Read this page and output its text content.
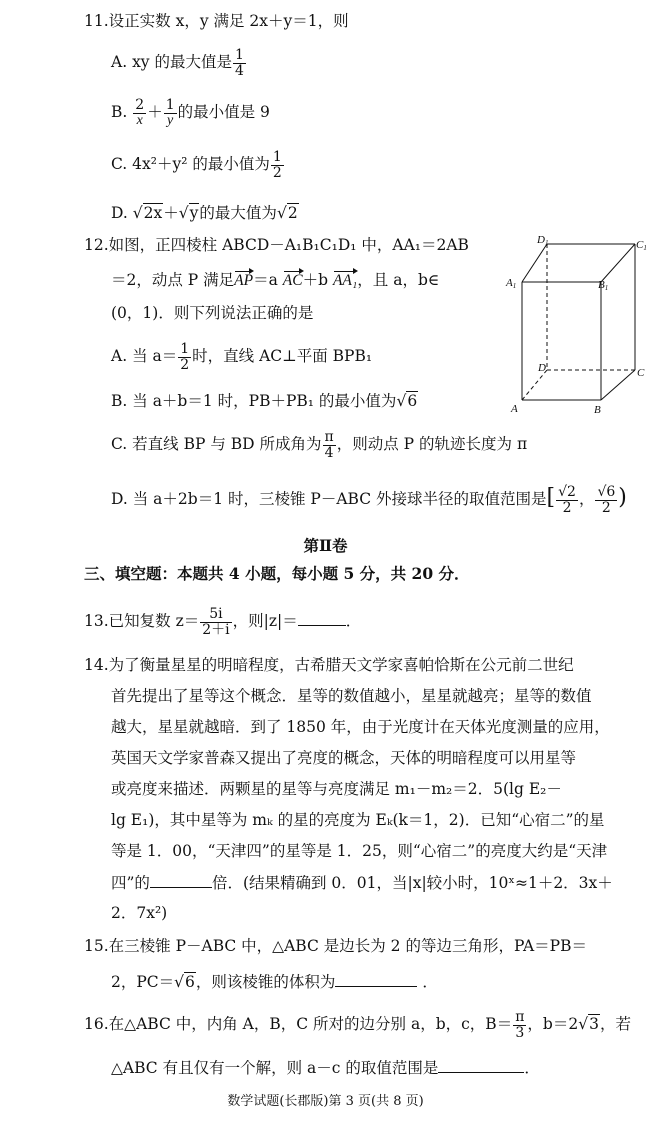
11.设正实数 x，y 满足 2x＋y＝1，则
A. xy 的最大值是 $\frac{1}{4}$
B. $\frac{2}{x} + \frac{1}{y}$ 的最小值是 9
C. 4x²＋y² 的最小值为 $\frac{1}{2}$
D. √2x＋√y的最大值为√2
12.如图，正四棱柱 ABCD－A₁B₁C₁D₁ 中，AA₁＝2AB
＝2，动点 P 满足AP＝a AC＋b AA₁，且 a，b∈
(0，1)．则下列说法正确的是
D1	C1
A1	B1
D	C
A	B
A. 当 $a= \frac{1}{2}$ 时，直线 AC⊥平面 BPB₁
B. 当 a＋b＝1 时，PB＋PB₁ 的最小值为√6
C. 若直线 BP 与 BD 所成角为 $\frac{\pi}{4}$ ，则动点 P 的轨迹长度为 π
D. 当 a＋2b＝1 时，三棱锥 P－ABC 外接球半径的取值范围是[ $\frac{√2}{2}$ ， $\frac{√6}{2}$ )
第Ⅱ卷
三、填空题：本题共 4 小题，每小题 5 分，共 20 分．
13.已知复数 $z= \frac{5i}{2+i}$ ，则|z|＝	．
14.为了衡量星星的明暗程度，古希腊天文学家喜帕恰斯在公元前二世纪
首先提出了星等这个概念．星等的数值越小，星星就越亮；星等的数值
越大，星星就越暗．到了 1850 年，由于光度计在天体光度测量的应用，
英国天文学家普森又提出了亮度的概念，天体的明暗程度可以用星等
或亮度来描述．两颗星的星等与亮度满足 m₁－m₂＝2．5(lg E₂－
lg E₁)，其中星等为 mₖ 的星的亮度为 Eₖ(k＝1，2)．已知“心宿二”的星
等是 1．00，“天津四”的星等是 1．25，则“心宿二”的亮度大约是“天津
四”的	倍．(结果精确到 0．01，当|x|较小时，10ˣ≈1＋2．3x＋
2．7x²)
15.在三棱锥 P－ABC 中，△ABC 是边长为 2 的等边三角形，PA＝PB＝
2，PC＝√6，则该棱锥的体积为	．
16.在△ABC 中，内角 A，B，C 所对的边分别 a，b，c，$B= \frac{\pi}{3}$ ，b＝2√3，若
△ABC 有且仅有一个解，则 a－c 的取值范围是	．
数学试题(长郡版)第 3 页(共 8 页)
